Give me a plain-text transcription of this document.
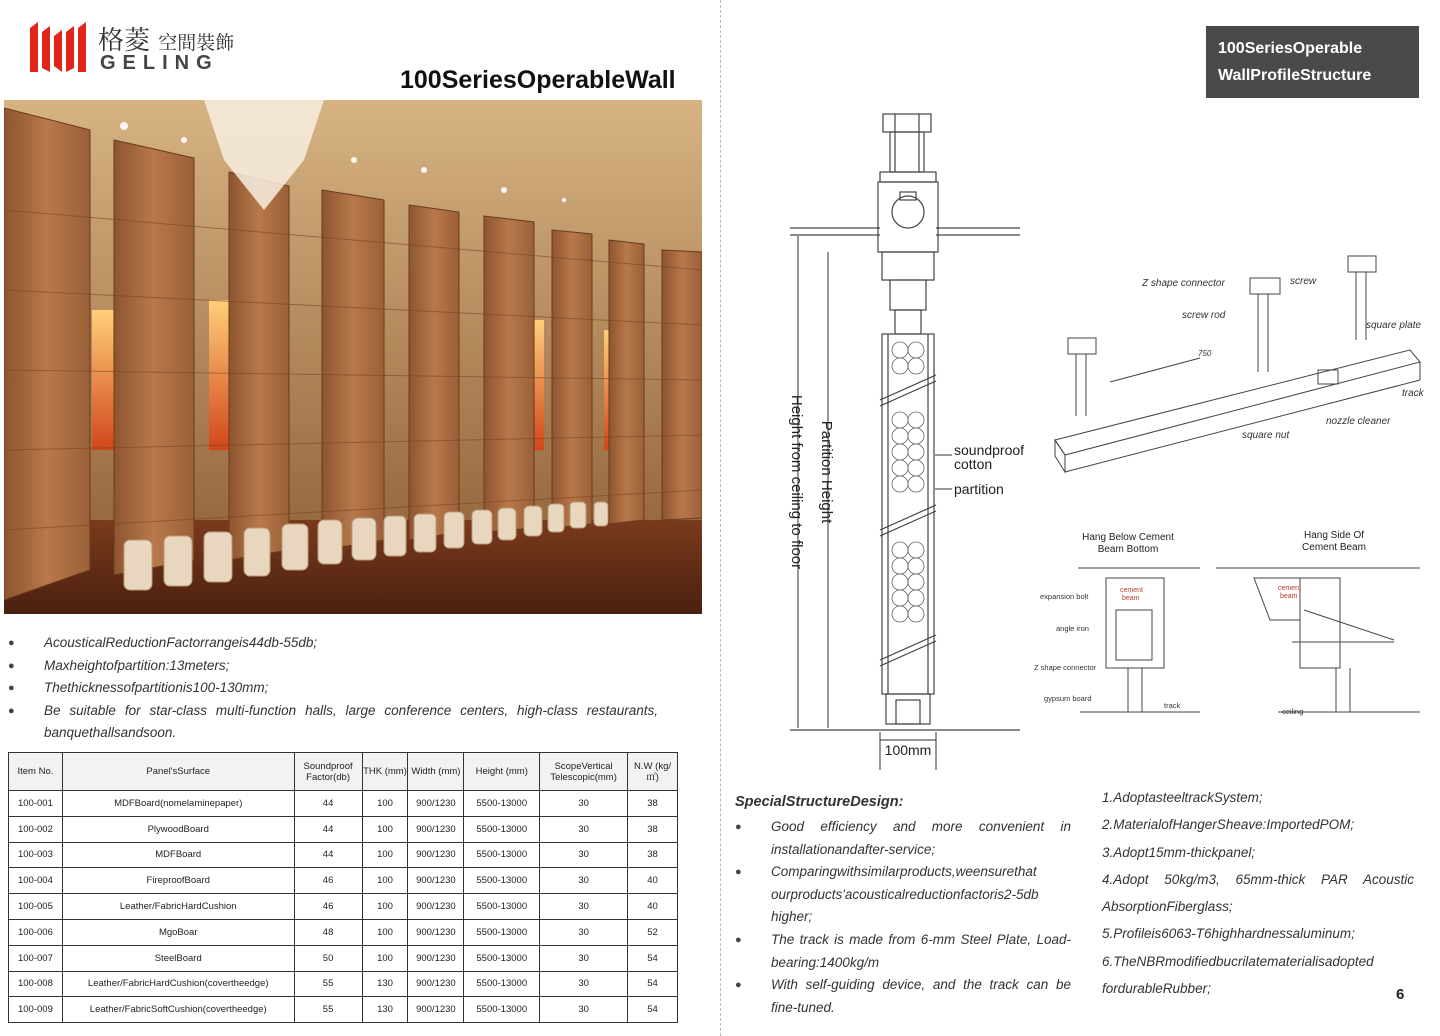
格菱 空間裝飾
GELING
100SeriesOperableWall
● AcousticalReductionFactorrangeis44db-55db;
● Maxheightofpartition:13meters;
● Thethicknessofpartitionis100-130mm;
● Be suitable for star-class multi-function halls, large conference centers, high-class restaurants, banquethallsandsoon.
Item No.	Panel'sSurface	Soundproof Factor(db)	THK (mm)	Width (mm)	Height (mm)	ScopeVertical Telescopic(mm)	N.W (kg/㎡)
100-001	MDFBoard(nomelaminepaper)	44	100	900/1230	5500-13000	30	38
100-002	PlywoodBoard	44	100	900/1230	5500-13000	30	38
100-003	MDFBoard	44	100	900/1230	5500-13000	30	38
100-004	FireproofBoard	46	100	900/1230	5500-13000	30	40
100-005	Leather/FabricHardCushion	46	100	900/1230	5500-13000	30	40
100-006	MgoBoar	48	100	900/1230	5500-13000	30	52
100-007	SteelBoard	50	100	900/1230	5500-13000	30	54
100-008	Leather/FabricHardCushion(covertheedge)	55	130	900/1230	5500-13000	30	54
100-009	Leather/FabricSoftCushion(covertheedge)	55	130	900/1230	5500-13000	30	54
100SeriesOperable
WallProfileStructure
Height from ceiling to floor Partition Height	soundproof
cotton
partition
100mm
Z shape connector	screw
screw rod
square plate
750
track
nozzle cleaner
square nut
Hang Below Cement
Beam Bottom
Hang Side Of
Cement Beam
cement
beam
cement
beam
expansion bolt
angle iron
Z shape connector
gypsum board
track
ceiling
SpecialStructureDesign:
● Good efficiency and more convenient in installationandafter-service;
● Comparingwithsimilarproducts,weensurethat ourproducts'acousticalreductionfactoris2-5db higher;
● The track is made from 6-mm Steel Plate, Load-bearing:1400kg/m
● With self-guiding device, and the track can be fine-tuned.
1.AdoptasteeltrackSystem;
2.MaterialofHangerSheave:ImportedPOM;
3.Adopt15mm-thickpanel;
4.Adopt 50kg/m3, 65mm-thick PAR Acoustic AbsorptionFiberglass;
5.Profileis6063-T6highhardnessaluminum;
6.TheNBRmodifiedbucrilatematerialisadopted fordurableRubber;	6
